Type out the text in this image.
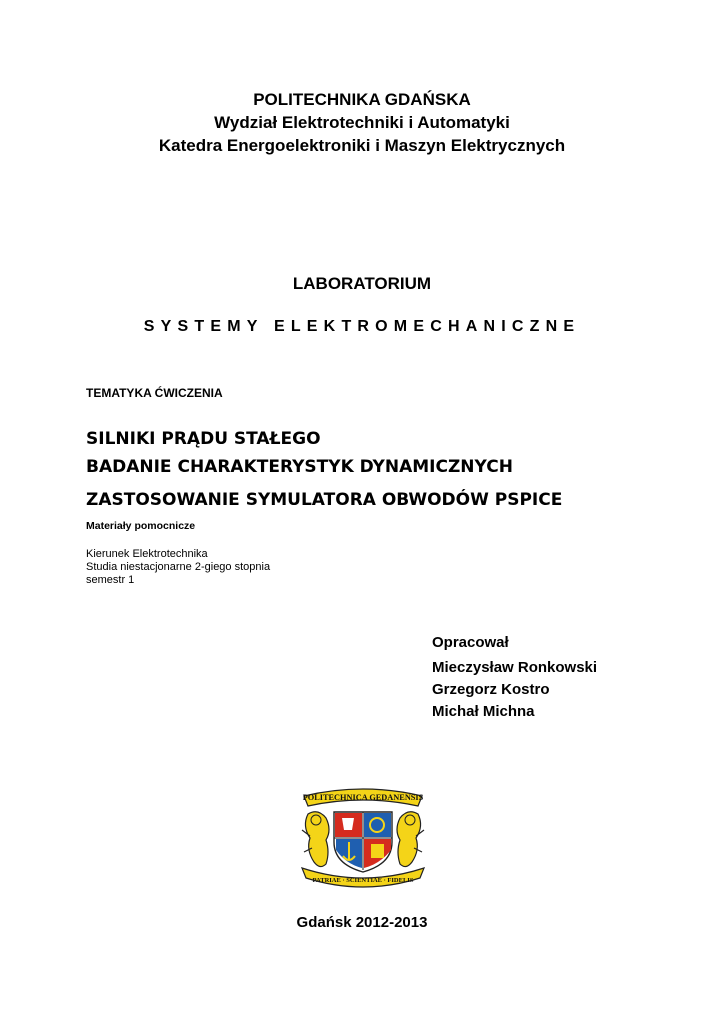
POLITECHNIKA GDAŃSKA
Wydział Elektrotechniki i Automatyki
Katedra Energoelektroniki i Maszyn Elektrycznych
LABORATORIUM
SYSTEMY ELEKTROMECHANICZNE
TEMATYKA ĆWICZENIA
SILNIKI PRĄDU STAŁEGO
BADANIE CHARAKTERYSTYK DYNAMICZNYCH
ZASTOSOWANIE SYMULATORA OBWODÓW PSPICE
Materiały pomocnicze
Kierunek Elektrotechnika
Studia niestacjonarne 2-giego stopnia
semestr 1
Opracował
Mieczysław Ronkowski
Grzegorz Kostro
Michał Michna
POLITECHNICA GEDANENSIS
PATRIAE · SCIENTIAE · FIDELIS
Gdańsk 2012-2013
